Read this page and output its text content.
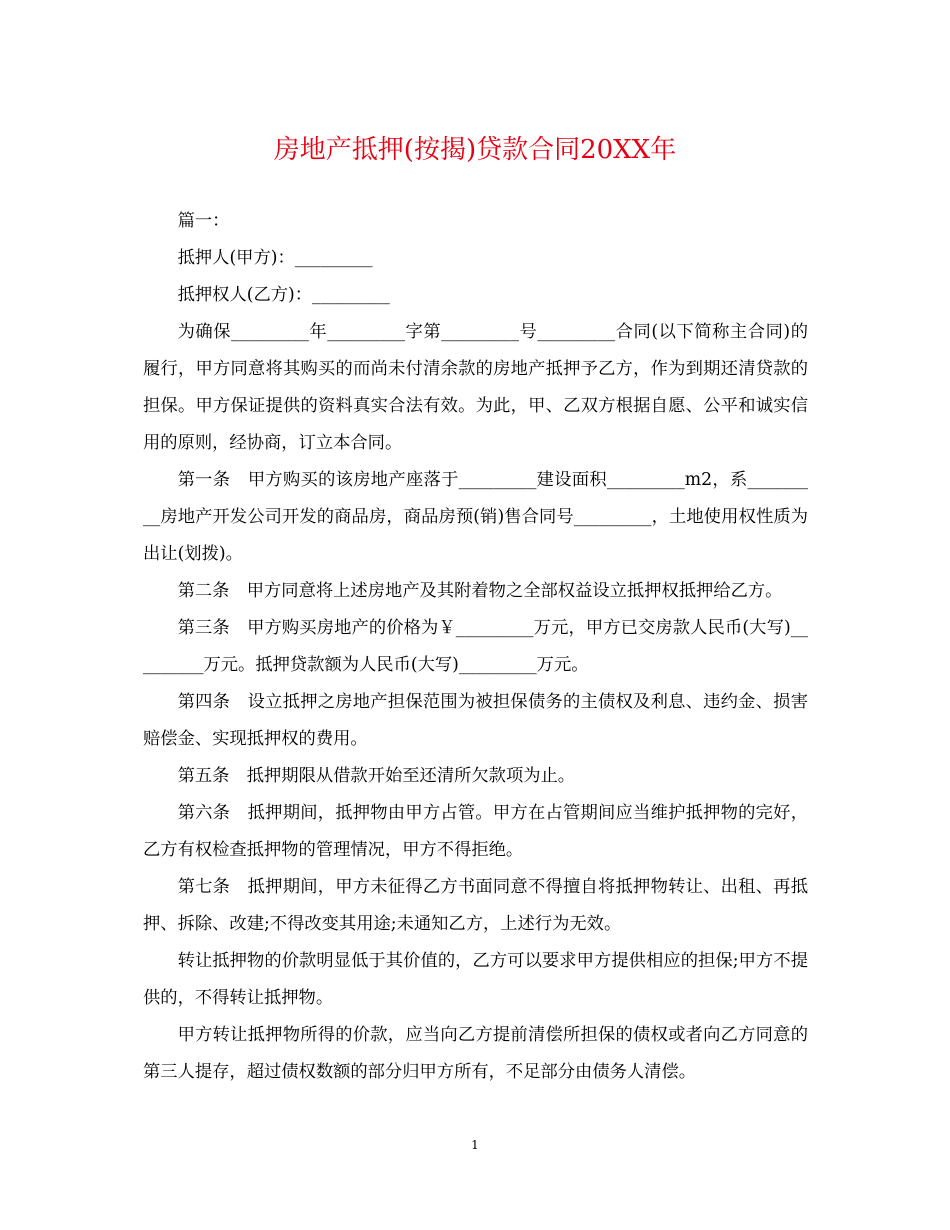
房地产抵押(按揭)贷款合同20XX年

篇一：

抵押人(甲方)：_________

抵押权人(乙方)：_________

为确保_________年_________字第_________号_________合同(以下简称主合同)的履行，甲方同意将其购买的而尚未付清余款的房地产抵押予乙方，作为到期还清贷款的担保。甲方保证提供的资料真实合法有效。为此，甲、乙双方根据自愿、公平和诚实信用的原则，经协商，订立本合同。

第一条　甲方购买的该房地产座落于_________建设面积_________m2，系_________房地产开发公司开发的商品房，商品房预(销)售合同号_________，土地使用权性质为出让(划拨)。

第二条　甲方同意将上述房地产及其附着物之全部权益设立抵押权抵押给乙方。

第三条　甲方购买房地产的价格为￥_________万元，甲方已交房款人民币(大写)_________万元。抵押贷款额为人民币(大写)_________万元。

第四条　设立抵押之房地产担保范围为被担保债务的主债权及利息、违约金、损害赔偿金、实现抵押权的费用。

第五条　抵押期限从借款开始至还清所欠款项为止。

第六条　抵押期间，抵押物由甲方占管。甲方在占管期间应当维护抵押物的完好，乙方有权检查抵押物的管理情况，甲方不得拒绝。

第七条　抵押期间，甲方未征得乙方书面同意不得擅自将抵押物转让、出租、再抵押、拆除、改建;不得改变其用途;未通知乙方，上述行为无效。

转让抵押物的价款明显低于其价值的，乙方可以要求甲方提供相应的担保;甲方不提供的，不得转让抵押物。

甲方转让抵押物所得的价款，应当向乙方提前清偿所担保的债权或者向乙方同意的第三人提存，超过债权数额的部分归甲方所有，不足部分由债务人清偿。

1
